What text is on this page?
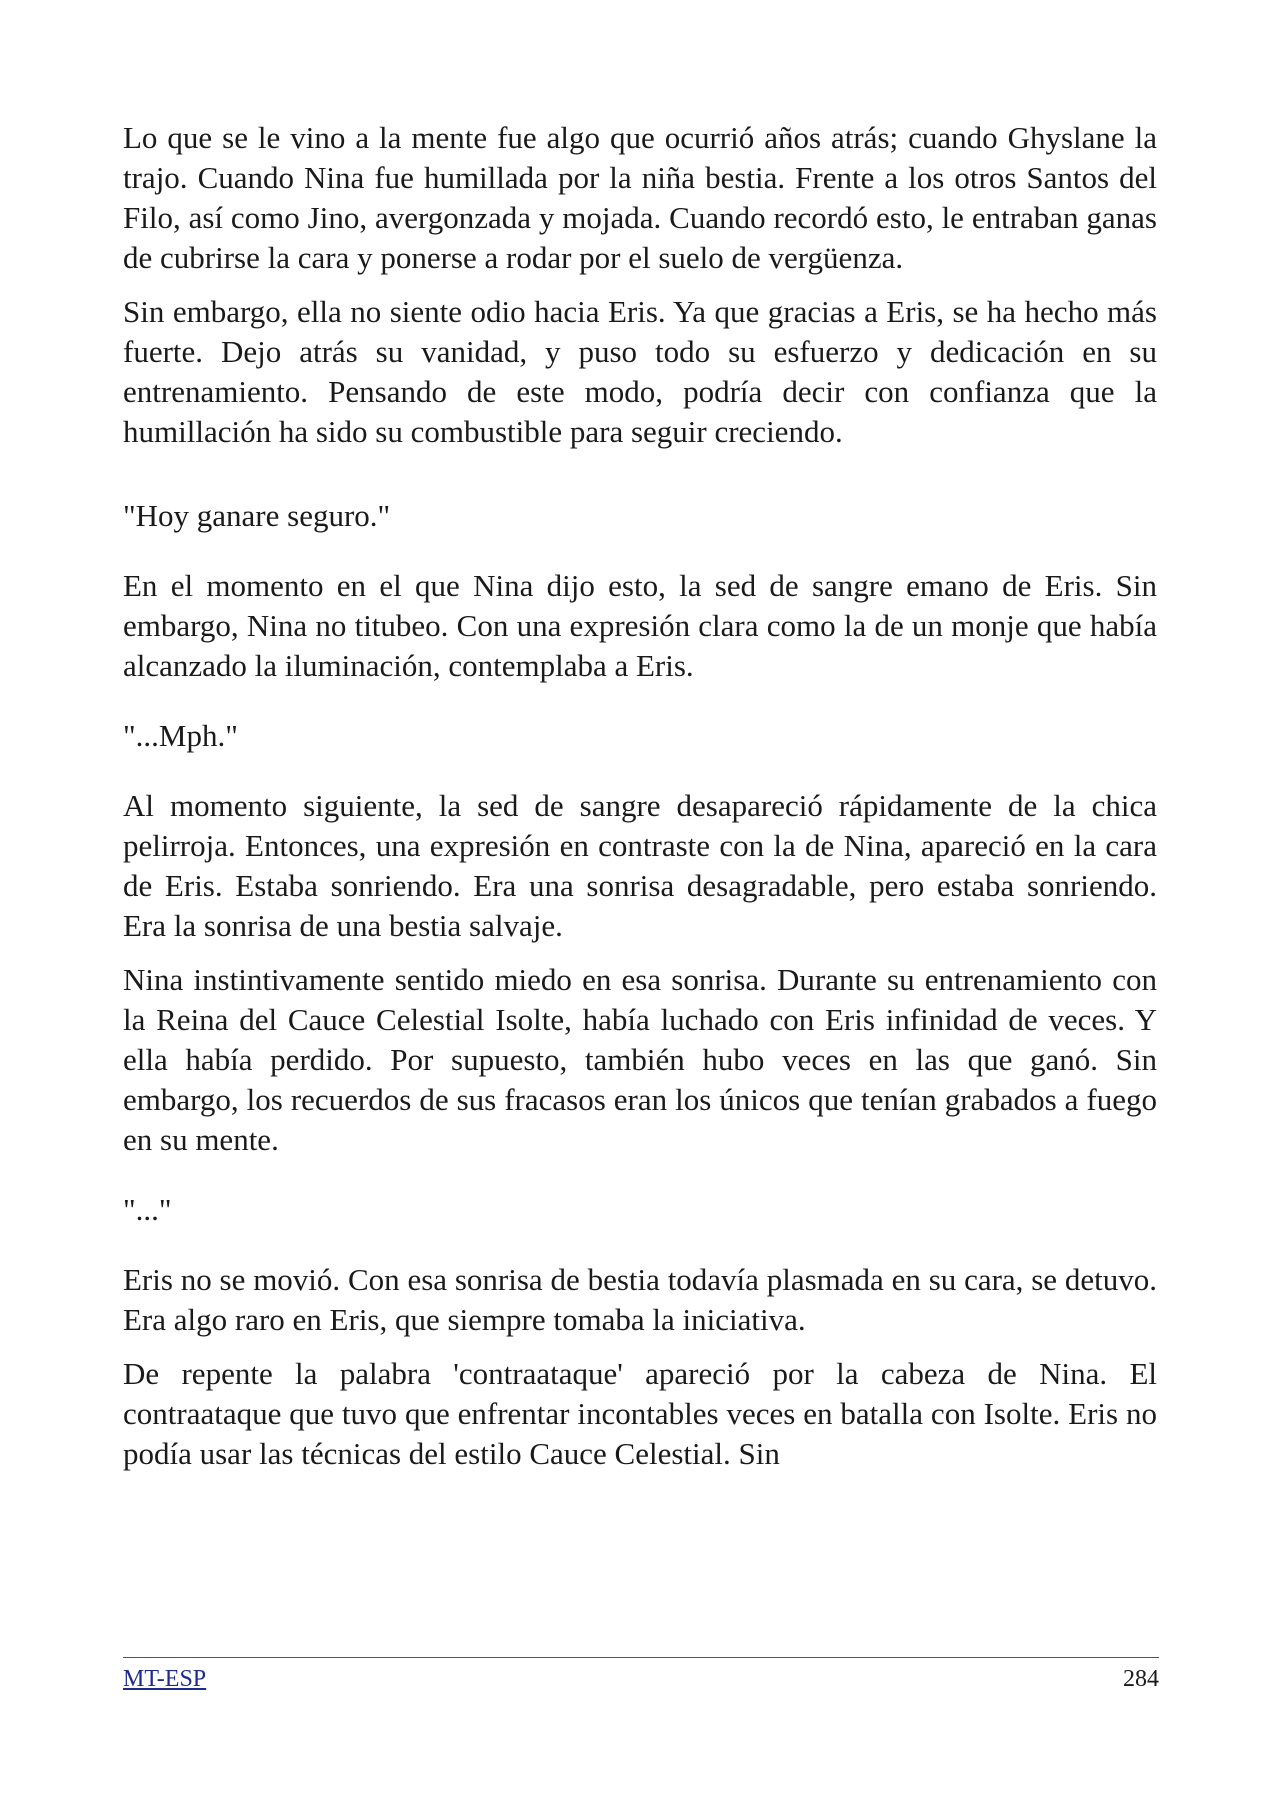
Lo que se le vino a la mente fue algo que ocurrió años atrás; cuando Ghyslane la trajo. Cuando Nina fue humillada por la niña bestia. Frente a los otros Santos del Filo, así como Jino, avergonzada y mojada. Cuando recordó esto, le entraban ganas de cubrirse la cara y ponerse a rodar por el suelo de vergüenza.

Sin embargo, ella no siente odio hacia Eris. Ya que gracias a Eris, se ha hecho más fuerte. Dejo atrás su vanidad, y puso todo su esfuerzo y dedicación en su entrenamiento. Pensando de este modo, podría decir con confianza que la humillación ha sido su combustible para seguir creciendo.

"Hoy ganare seguro."

En el momento en el que Nina dijo esto, la sed de sangre emano de Eris. Sin embargo, Nina no titubeo. Con una expresión clara como la de un monje que había alcanzado la iluminación, contemplaba a Eris.

"...Mph."

Al momento siguiente, la sed de sangre desapareció rápidamente de la chica pelirroja. Entonces, una expresión en contraste con la de Nina, apareció en la cara de Eris. Estaba sonriendo. Era una sonrisa desagradable, pero estaba sonriendo. Era la sonrisa de una bestia salvaje.

Nina instintivamente sentido miedo en esa sonrisa. Durante su entrenamiento con la Reina del Cauce Celestial Isolte, había luchado con Eris infinidad de veces. Y ella había perdido. Por supuesto, también hubo veces en las que ganó. Sin embargo, los recuerdos de sus fracasos eran los únicos que tenían grabados a fuego en su mente.

"..."

Eris no se movió. Con esa sonrisa de bestia todavía plasmada en su cara, se detuvo. Era algo raro en Eris, que siempre tomaba la iniciativa.

De repente la palabra 'contraataque' apareció por la cabeza de Nina. El contraataque que tuvo que enfrentar incontables veces en batalla con Isolte. Eris no podía usar las técnicas del estilo Cauce Celestial. Sin

MT-ESP	284
